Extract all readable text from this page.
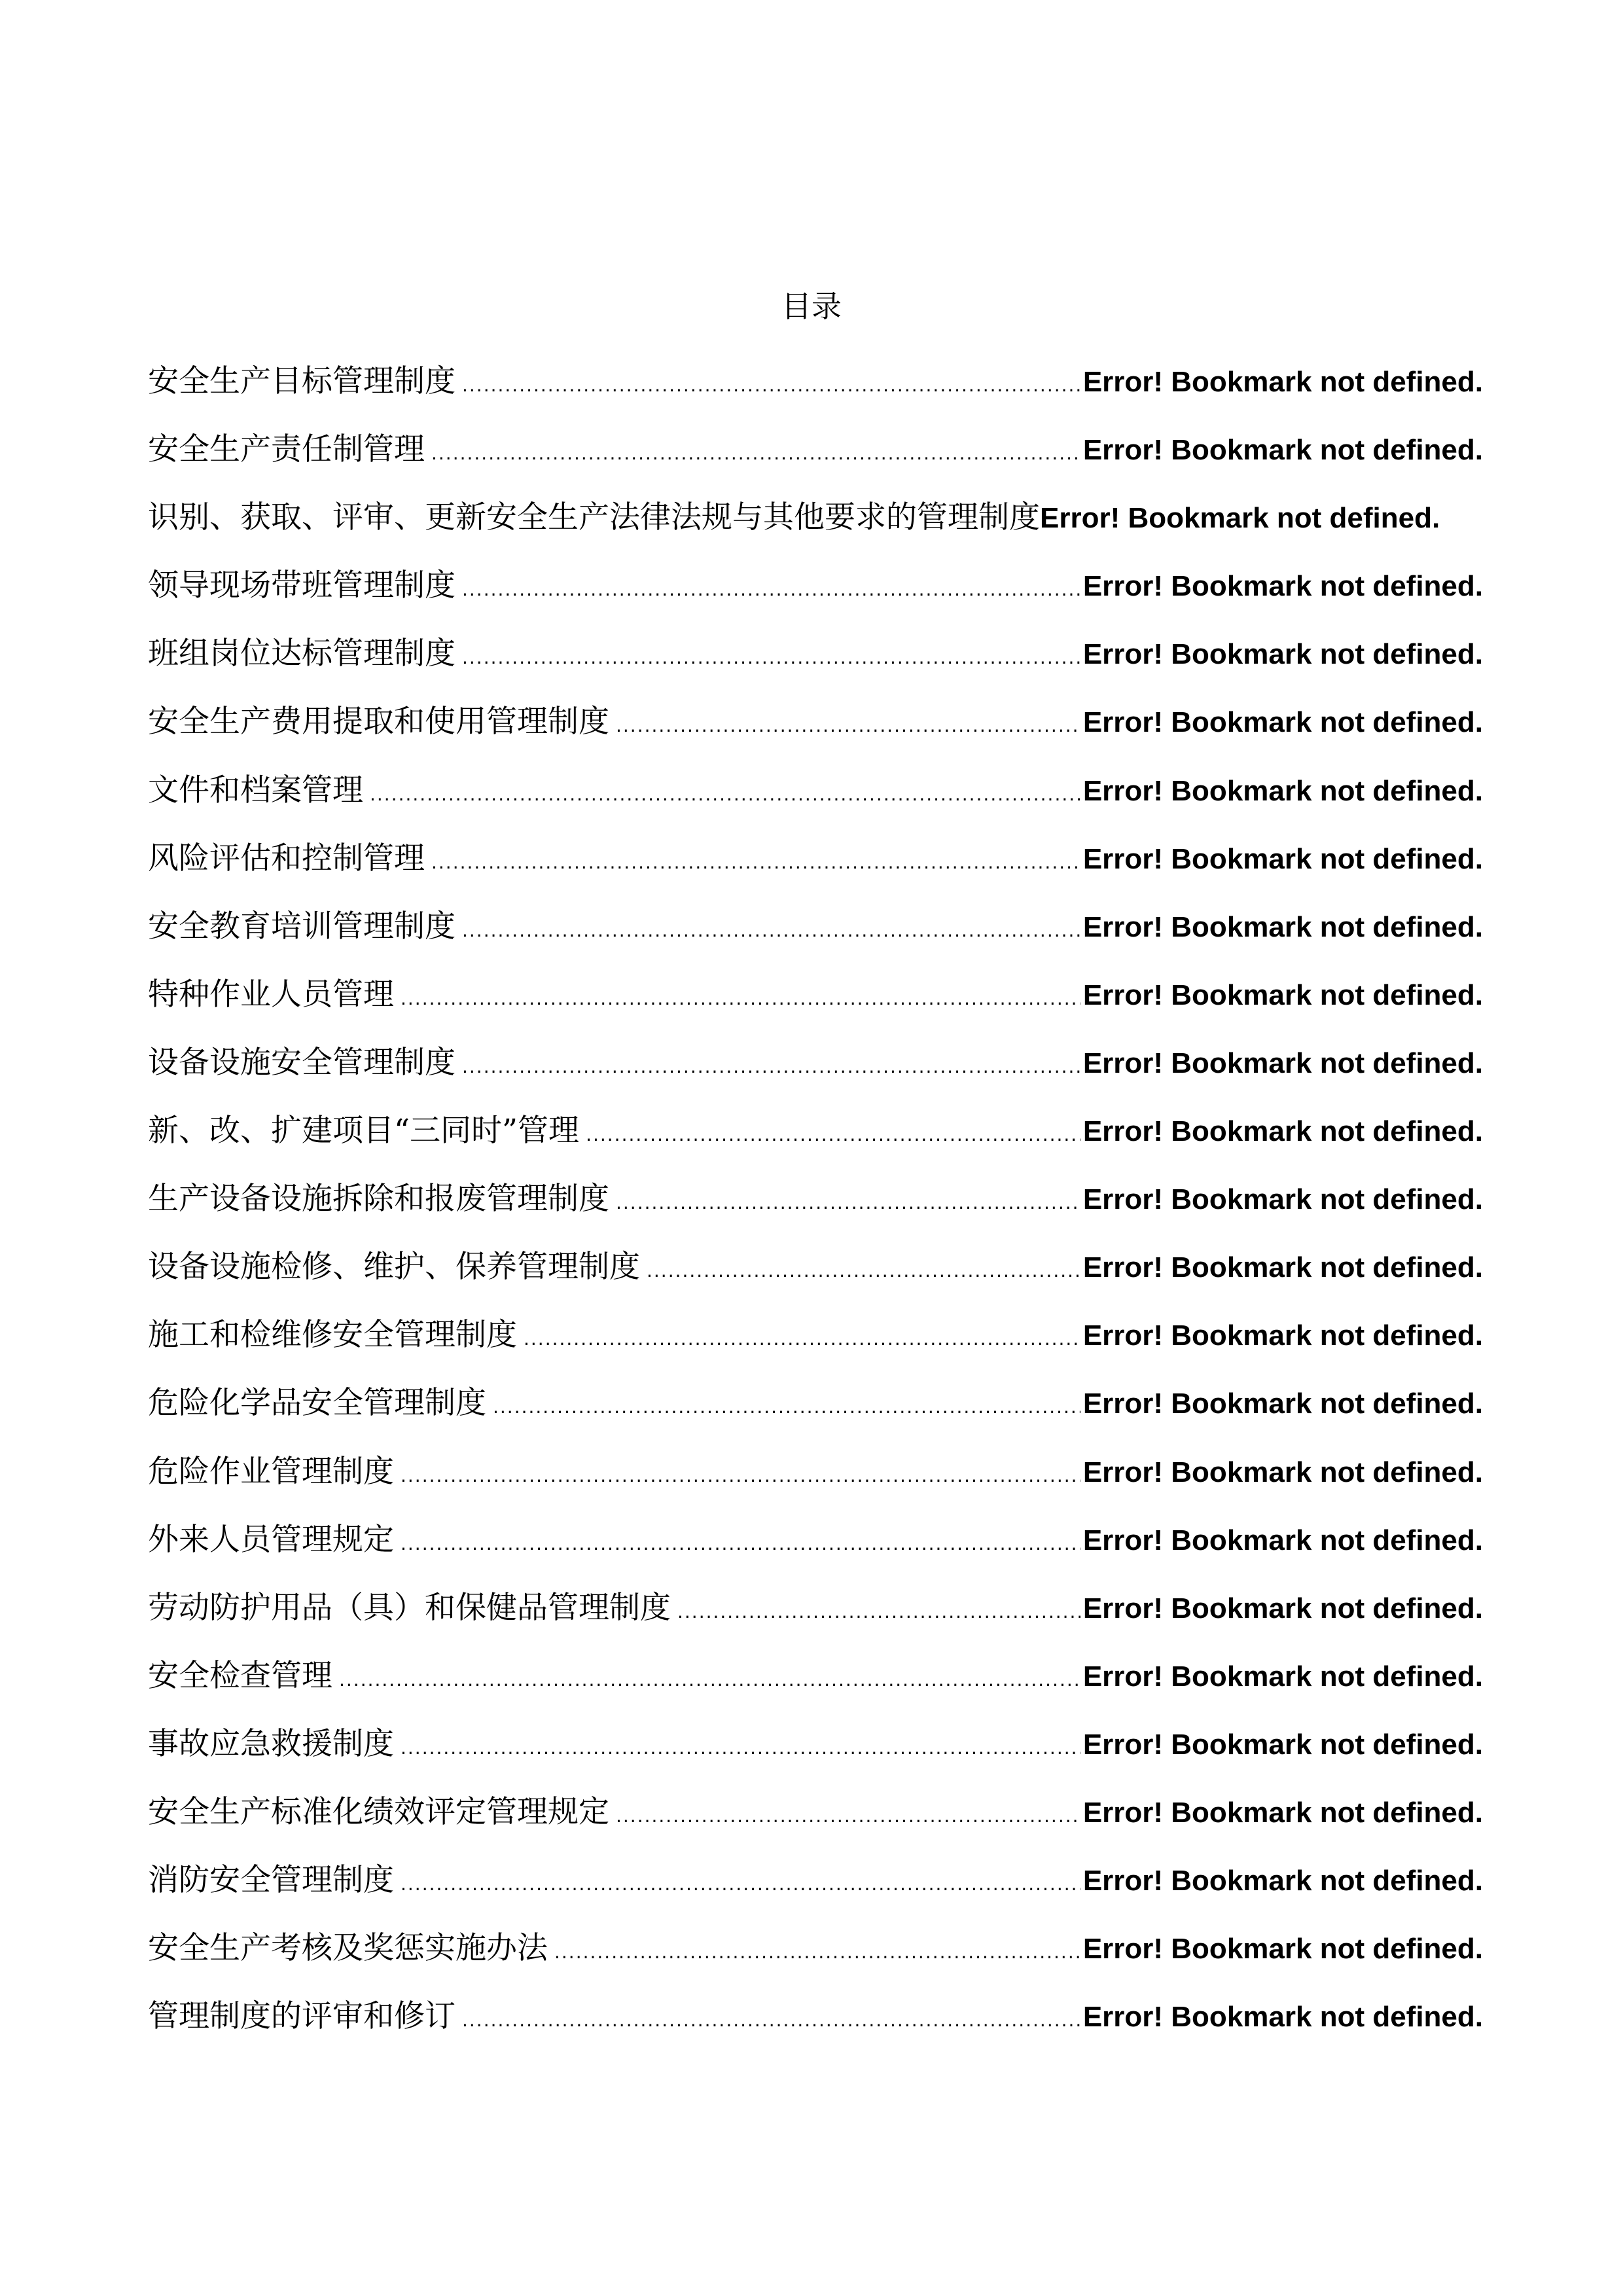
目录
安全生产目标管理制度 .....	Error! Bookmark not defined.
安全生产责任制管理 .....	Error! Bookmark not defined.
识别、获取、评审、更新安全生产法律法规与其他要求的管理制度 Error! Bookmark not defined.
领导现场带班管理制度 .....	Error! Bookmark not defined.
班组岗位达标管理制度 .....	Error! Bookmark not defined.
安全生产费用提取和使用管理制度 .....	Error! Bookmark not defined.
文件和档案管理 .....	Error! Bookmark not defined.
风险评估和控制管理 .....	Error! Bookmark not defined.
安全教育培训管理制度 .....	Error! Bookmark not defined.
特种作业人员管理 .....	Error! Bookmark not defined.
设备设施安全管理制度 .....	Error! Bookmark not defined.
新、改、扩建项目“三同时”管理 .....	Error! Bookmark not defined.
生产设备设施拆除和报废管理制度 .....	Error! Bookmark not defined.
设备设施检修、维护、保养管理制度 .....	Error! Bookmark not defined.
施工和检维修安全管理制度 .....	Error! Bookmark not defined.
危险化学品安全管理制度 .....	Error! Bookmark not defined.
危险作业管理制度 .....	Error! Bookmark not defined.
外来人员管理规定 .....	Error! Bookmark not defined.
劳动防护用品（具）和保健品管理制度 .....	Error! Bookmark not defined.
安全检查管理 .....	Error! Bookmark not defined.
事故应急救援制度 .....	Error! Bookmark not defined.
安全生产标准化绩效评定管理规定 .....	Error! Bookmark not defined.
消防安全管理制度 .....	Error! Bookmark not defined.
安全生产考核及奖惩实施办法 .....	Error! Bookmark not defined.
管理制度的评审和修订 .....	Error! Bookmark not defined.
